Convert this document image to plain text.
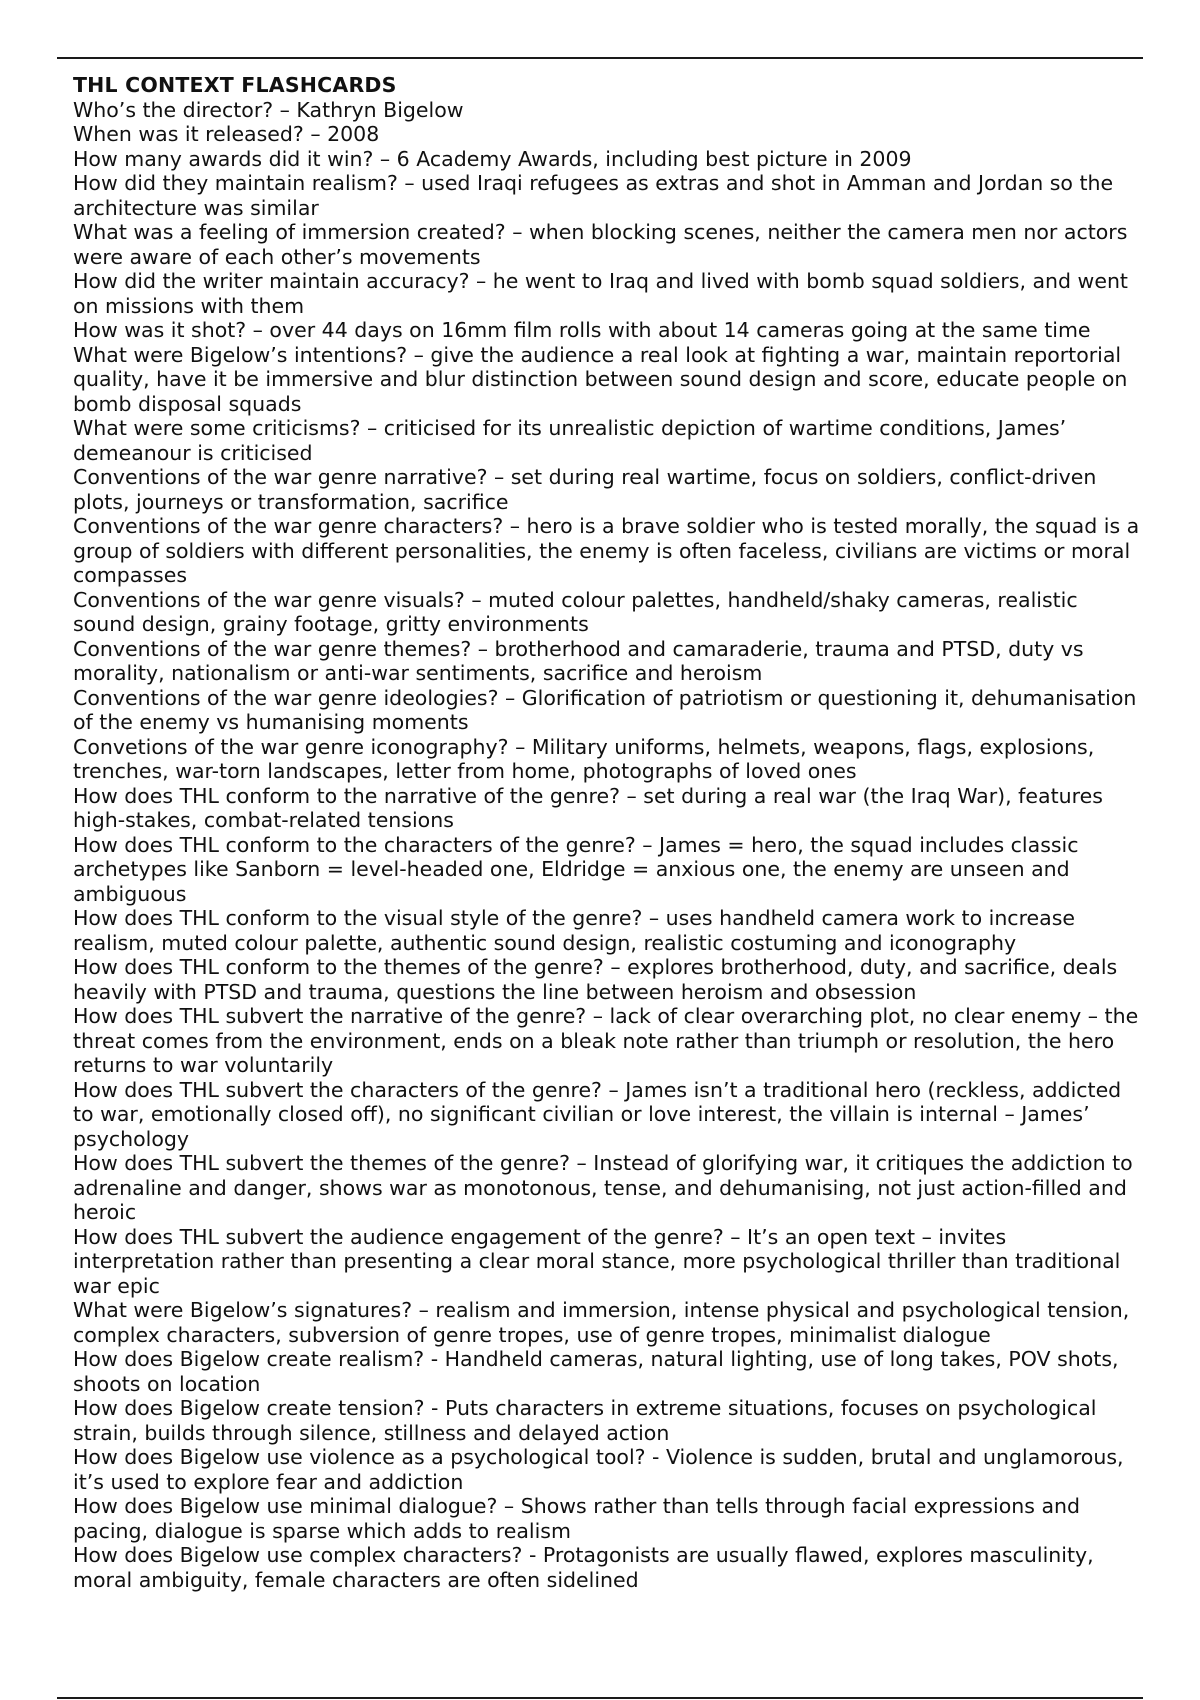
THL CONTEXT FLASHCARDS

Who’s the director? – Kathryn Bigelow

When was it released? – 2008

How many awards did it win? – 6 Academy Awards, including best picture in 2009

How did they maintain realism? – used Iraqi refugees as extras and shot in Amman and Jordan so the architecture was similar

What was a feeling of immersion created? – when blocking scenes, neither the camera men nor actors were aware of each other’s movements

How did the writer maintain accuracy? – he went to Iraq and lived with bomb squad soldiers, and went on missions with them

How was it shot? – over 44 days on 16mm film rolls with about 14 cameras going at the same time

What were Bigelow’s intentions? – give the audience a real look at fighting a war, maintain reportorial quality, have it be immersive and blur distinction between sound design and score, educate people on bomb disposal squads

What were some criticisms? – criticised for its unrealistic depiction of wartime conditions, James’ demeanour is criticised

Conventions of the war genre narrative? – set during real wartime, focus on soldiers, conflict-driven plots, journeys or transformation, sacrifice

Conventions of the war genre characters? – hero is a brave soldier who is tested morally, the squad is a group of soldiers with different personalities, the enemy is often faceless, civilians are victims or moral compasses

Conventions of the war genre visuals? – muted colour palettes, handheld/shaky cameras, realistic sound design, grainy footage, gritty environments

Conventions of the war genre themes? – brotherhood and camaraderie, trauma and PTSD, duty vs morality, nationalism or anti-war sentiments, sacrifice and heroism

Conventions of the war genre ideologies? – Glorification of patriotism or questioning it, dehumanisation of the enemy vs humanising moments

Convetions of the war genre iconography? – Military uniforms, helmets, weapons, flags, explosions, trenches, war-torn landscapes, letter from home, photographs of loved ones

How does THL conform to the narrative of the genre? – set during a real war (the Iraq War), features high-stakes, combat-related tensions

How does THL conform to the characters of the genre? – James = hero, the squad includes classic archetypes like Sanborn = level-headed one, Eldridge = anxious one, the enemy are unseen and ambiguous

How does THL conform to the visual style of the genre? – uses handheld camera work to increase realism, muted colour palette, authentic sound design, realistic costuming and iconography

How does THL conform to the themes of the genre? – explores brotherhood, duty, and sacrifice, deals heavily with PTSD and trauma, questions the line between heroism and obsession

How does THL subvert the narrative of the genre? – lack of clear overarching plot, no clear enemy – the threat comes from the environment, ends on a bleak note rather than triumph or resolution, the hero returns to war voluntarily

How does THL subvert the characters of the genre? – James isn’t a traditional hero (reckless, addicted to war, emotionally closed off), no significant civilian or love interest, the villain is internal – James’ psychology

How does THL subvert the themes of the genre? – Instead of glorifying war, it critiques the addiction to adrenaline and danger, shows war as monotonous, tense, and dehumanising, not just action-filled and heroic

How does THL subvert the audience engagement of the genre? – It’s an open text – invites interpretation rather than presenting a clear moral stance, more psychological thriller than traditional war epic

What were Bigelow’s signatures? – realism and immersion, intense physical and psychological tension, complex characters, subversion of genre tropes, use of genre tropes, minimalist dialogue

How does Bigelow create realism? - Handheld cameras, natural lighting, use of long takes, POV shots, shoots on location

How does Bigelow create tension? - Puts characters in extreme situations, focuses on psychological strain, builds through silence, stillness and delayed action

How does Bigelow use violence as a psychological tool? - Violence is sudden, brutal and unglamorous, it’s used to explore fear and addiction

How does Bigelow use minimal dialogue? – Shows rather than tells through facial expressions and pacing, dialogue is sparse which adds to realism

How does Bigelow use complex characters? - Protagonists are usually flawed, explores masculinity, moral ambiguity, female characters are often sidelined
